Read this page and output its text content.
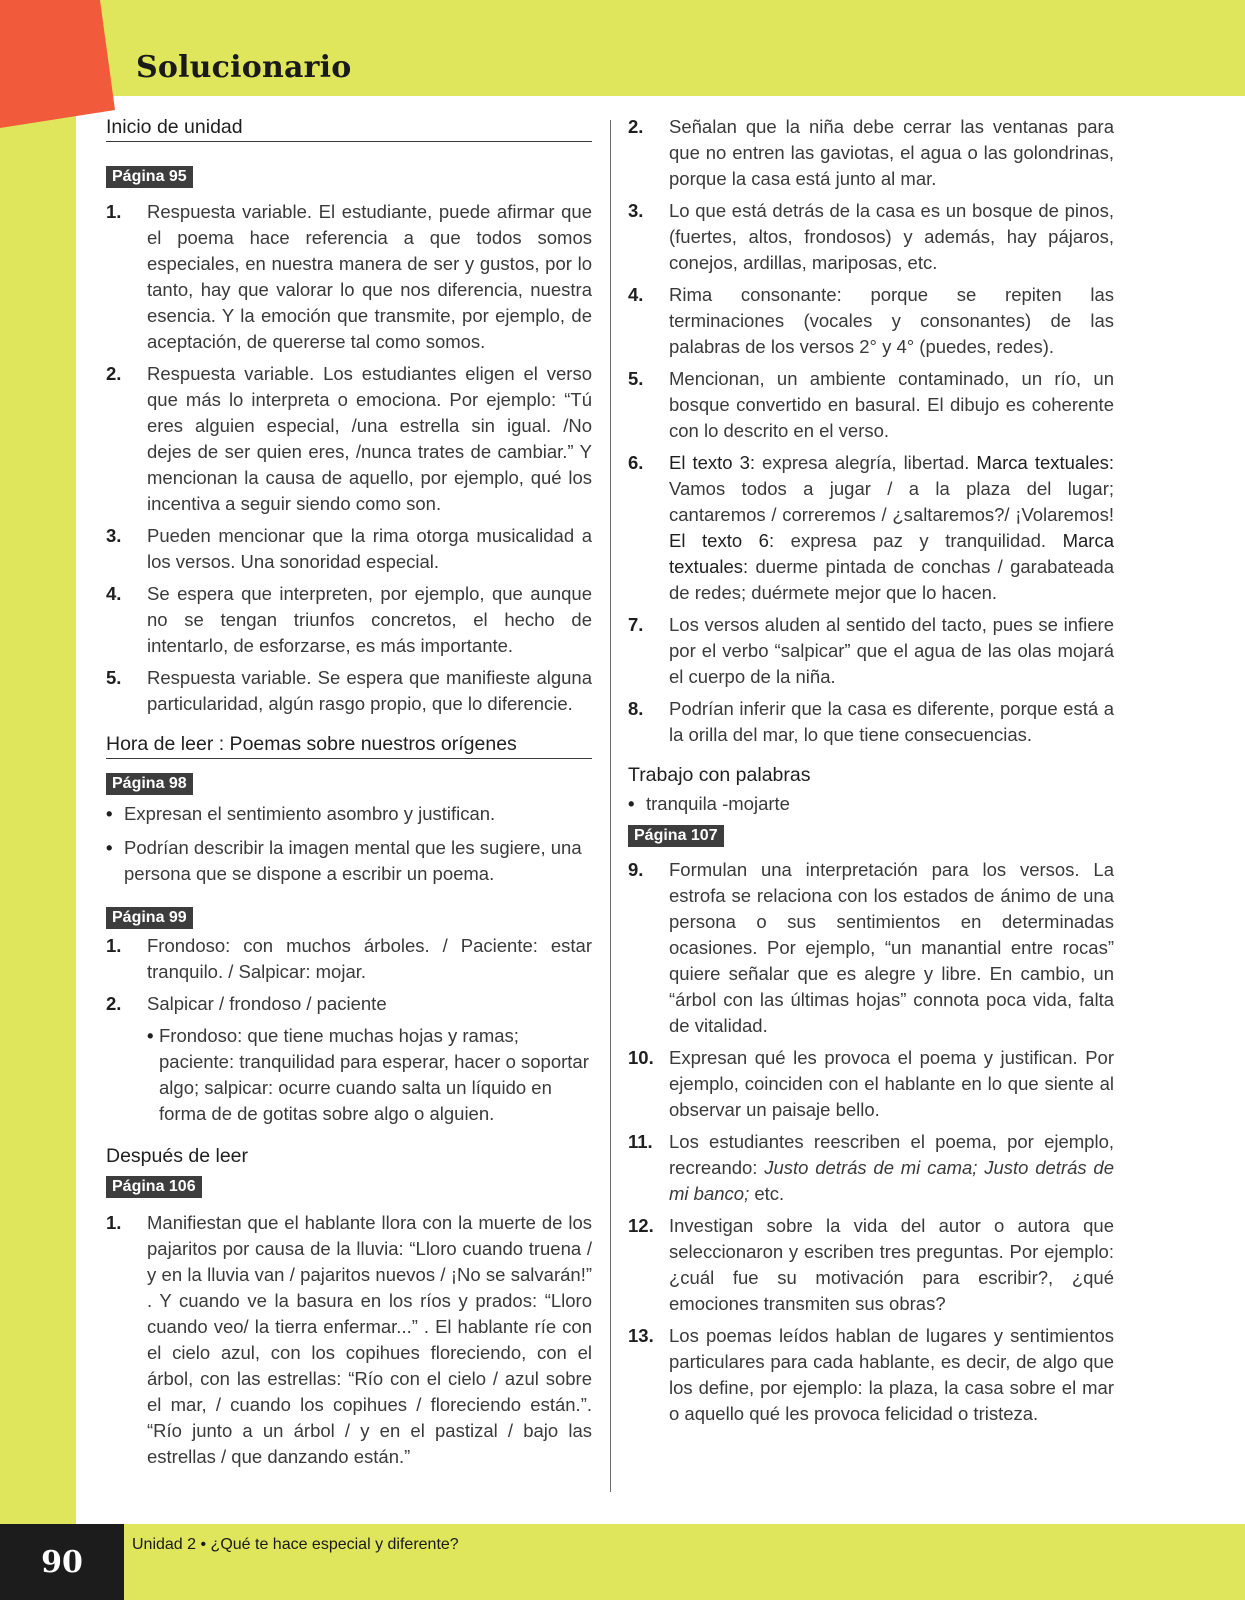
Solucionario
Inicio de unidad
Página 95
1.	Respuesta variable. El estudiante, puede afirmar que el poema hace referencia a que todos somos especiales, en nuestra manera de ser y gustos, por lo tanto, hay que valorar lo que nos diferencia, nuestra esencia. Y la emoción que transmite, por ejemplo, de aceptación, de quererse tal como somos.
2.	Respuesta variable. Los estudiantes eligen el verso que más lo interpreta o emociona. Por ejemplo: “Tú eres alguien especial, /una estrella sin igual. /No dejes de ser quien eres, /nunca trates de cambiar.” Y mencionan la causa de aquello, por ejemplo, qué los incentiva a seguir siendo como son.
3.	Pueden mencionar que la rima otorga musicalidad a los versos. Una sonoridad especial.
4.	Se espera que interpreten, por ejemplo, que aunque no se tengan triunfos concretos, el hecho de intentarlo, de esforzarse, es más importante.
5.	Respuesta variable. Se espera que manifieste alguna particularidad, algún rasgo propio, que lo diferencie.
Hora de leer : Poemas sobre nuestros orígenes
Página 98
• Expresan el sentimiento asombro y justifican.
• Podrían describir la imagen mental que les sugiere, una persona que se dispone a escribir un poema.
Página 99
1.	Frondoso: con muchos árboles. / Paciente: estar tranquilo. / Salpicar: mojar.
2.	Salpicar / frondoso / paciente
• Frondoso: que tiene muchas hojas y ramas; paciente: tranquilidad para esperar, hacer o soportar algo; salpicar: ocurre cuando salta un líquido en forma de de gotitas sobre algo o alguien.
Después de leer
Página 106
1.	Manifiestan que el hablante llora con la muerte de los pajaritos por causa de la lluvia: “Lloro cuando truena / y en la lluvia van / pajaritos nuevos / ¡No se salvarán!” . Y cuando ve la basura en los ríos y prados: “Lloro cuando veo/ la tierra enfermar...” . El hablante ríe con el cielo azul, con los copihues floreciendo, con el árbol, con las estrellas: “Río con el cielo / azul sobre el mar, / cuando los copihues / floreciendo están.”. “Río junto a un árbol / y en el pastizal / bajo las estrellas / que danzando están.”
2.	Señalan que la niña debe cerrar las ventanas para que no entren las gaviotas, el agua o las golondrinas, porque la casa está junto al mar.
3.	Lo que está detrás de la casa es un bosque de pinos, (fuertes, altos, frondosos) y además, hay pájaros, conejos, ardillas, mariposas, etc.
4.	Rima consonante: porque se repiten las terminaciones (vocales y consonantes) de las palabras de los versos 2° y 4° (puedes, redes).
5.	Mencionan, un ambiente contaminado, un río, un bosque convertido en basural. El dibujo es coherente con lo descrito en el verso.
6.	El texto 3: expresa alegría, libertad. Marca textuales: Vamos todos a jugar / a la plaza del lugar; cantaremos / correremos / ¿saltaremos?/ ¡Volaremos! El texto 6: expresa paz y tranquilidad. Marca textuales: duerme pintada de conchas / garabateada de redes; duérmete mejor que lo hacen.
7.	Los versos aluden al sentido del tacto, pues se infiere por el verbo “salpicar” que el agua de las olas mojará el cuerpo de la niña.
8.	Podrían inferir que la casa es diferente, porque está a la orilla del mar, lo que tiene consecuencias.
Trabajo con palabras
• tranquila -mojarte
Página 107
9.	Formulan una interpretación para los versos. La estrofa se relaciona con los estados de ánimo de una persona o sus sentimientos en determinadas ocasiones. Por ejemplo, “un manantial entre rocas” quiere señalar que es alegre y libre. En cambio, un “árbol con las últimas hojas” connota poca vida, falta de vitalidad.
10. Expresan qué les provoca el poema y justifican. Por ejemplo, coinciden con el hablante en lo que siente al observar un paisaje bello.
11. Los estudiantes reescriben el poema, por ejemplo, recreando: Justo detrás de mi cama; Justo detrás de mi banco; etc.
12. Investigan sobre la vida del autor o autora que seleccionaron y escriben tres preguntas. Por ejemplo: ¿cuál fue su motivación para escribir?, ¿qué emociones transmiten sus obras?
13. Los poemas leídos hablan de lugares y sentimientos particulares para cada hablante, es decir, de algo que los define, por ejemplo: la plaza, la casa sobre el mar o aquello qué les provoca felicidad o tristeza.
90	Unidad 2 • ¿Qué te hace especial y diferente?
